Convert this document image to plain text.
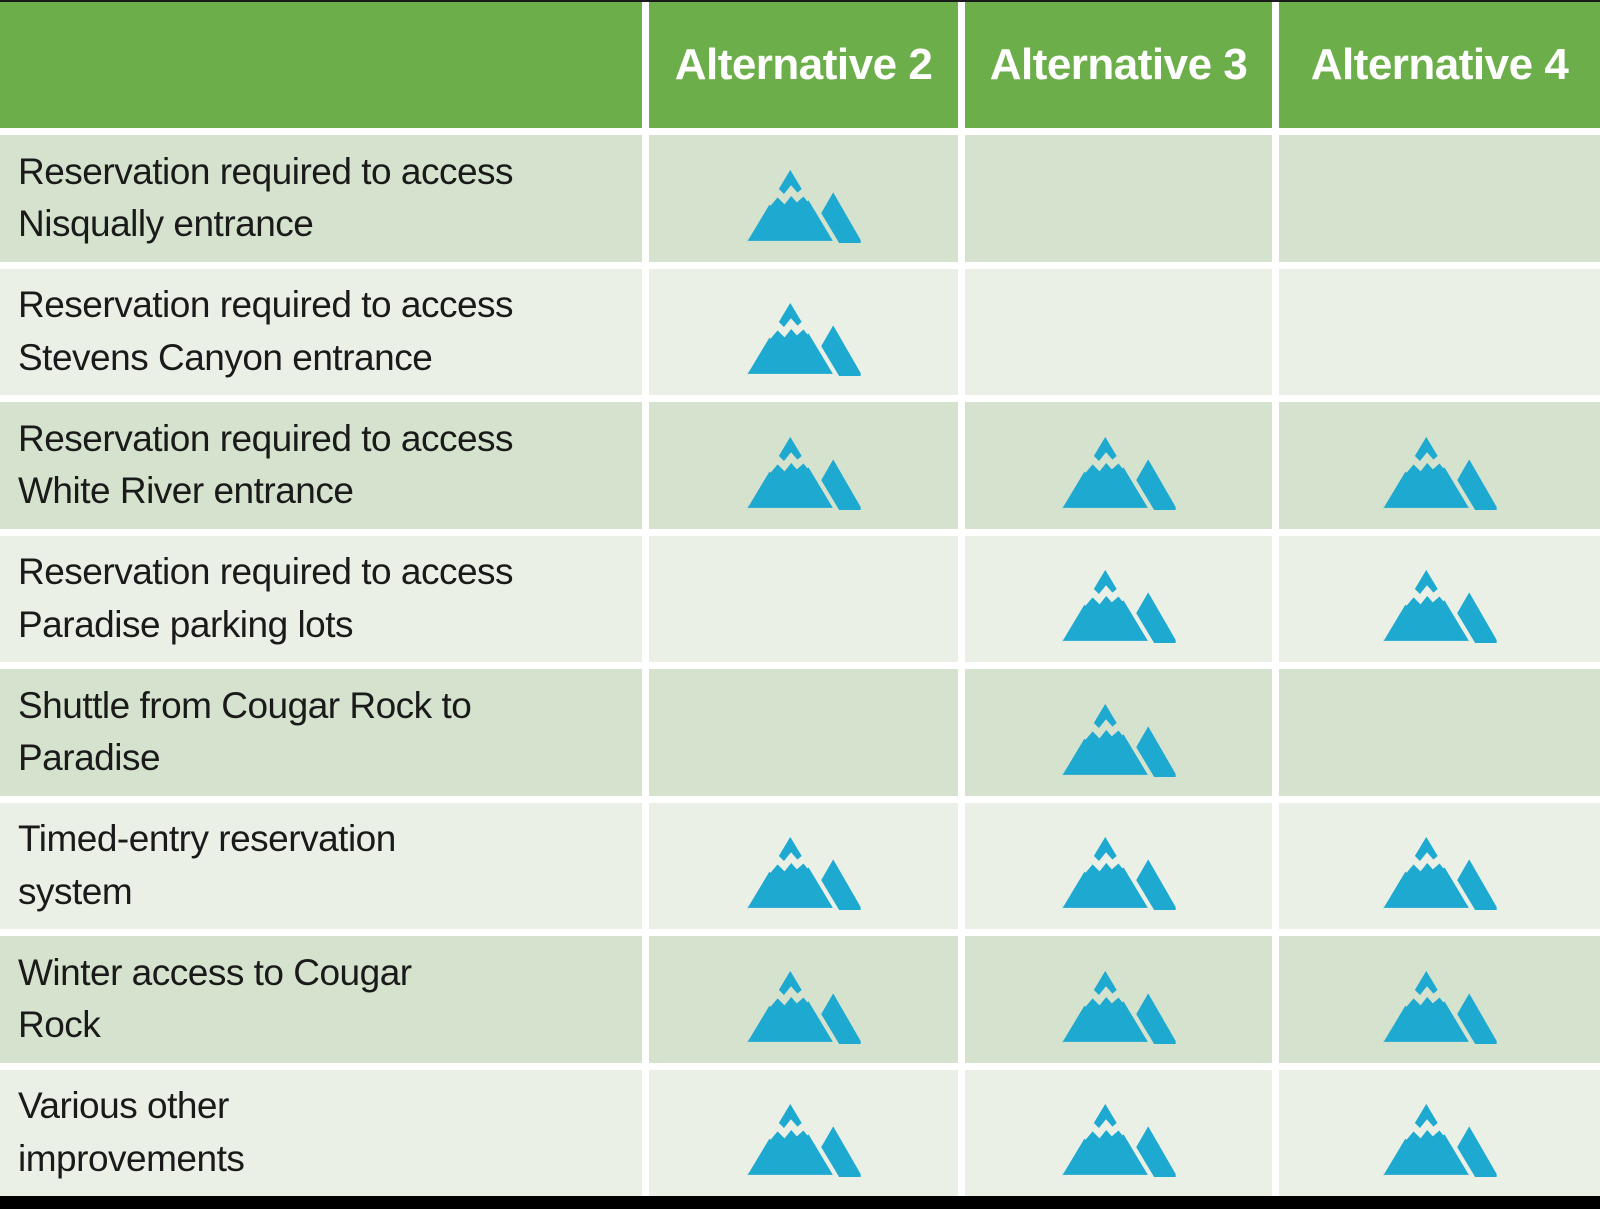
Alternative 2 Alternative 3 Alternative 4
Reservation required to access
Nisqually entrance
Reservation required to access
Stevens Canyon entrance
Reservation required to access
White River entrance
Reservation required to access
Paradise parking lots
Shuttle from Cougar Rock to
Paradise
Timed-entry reservation
system
Winter access to Cougar
Rock
Various other
improvements
